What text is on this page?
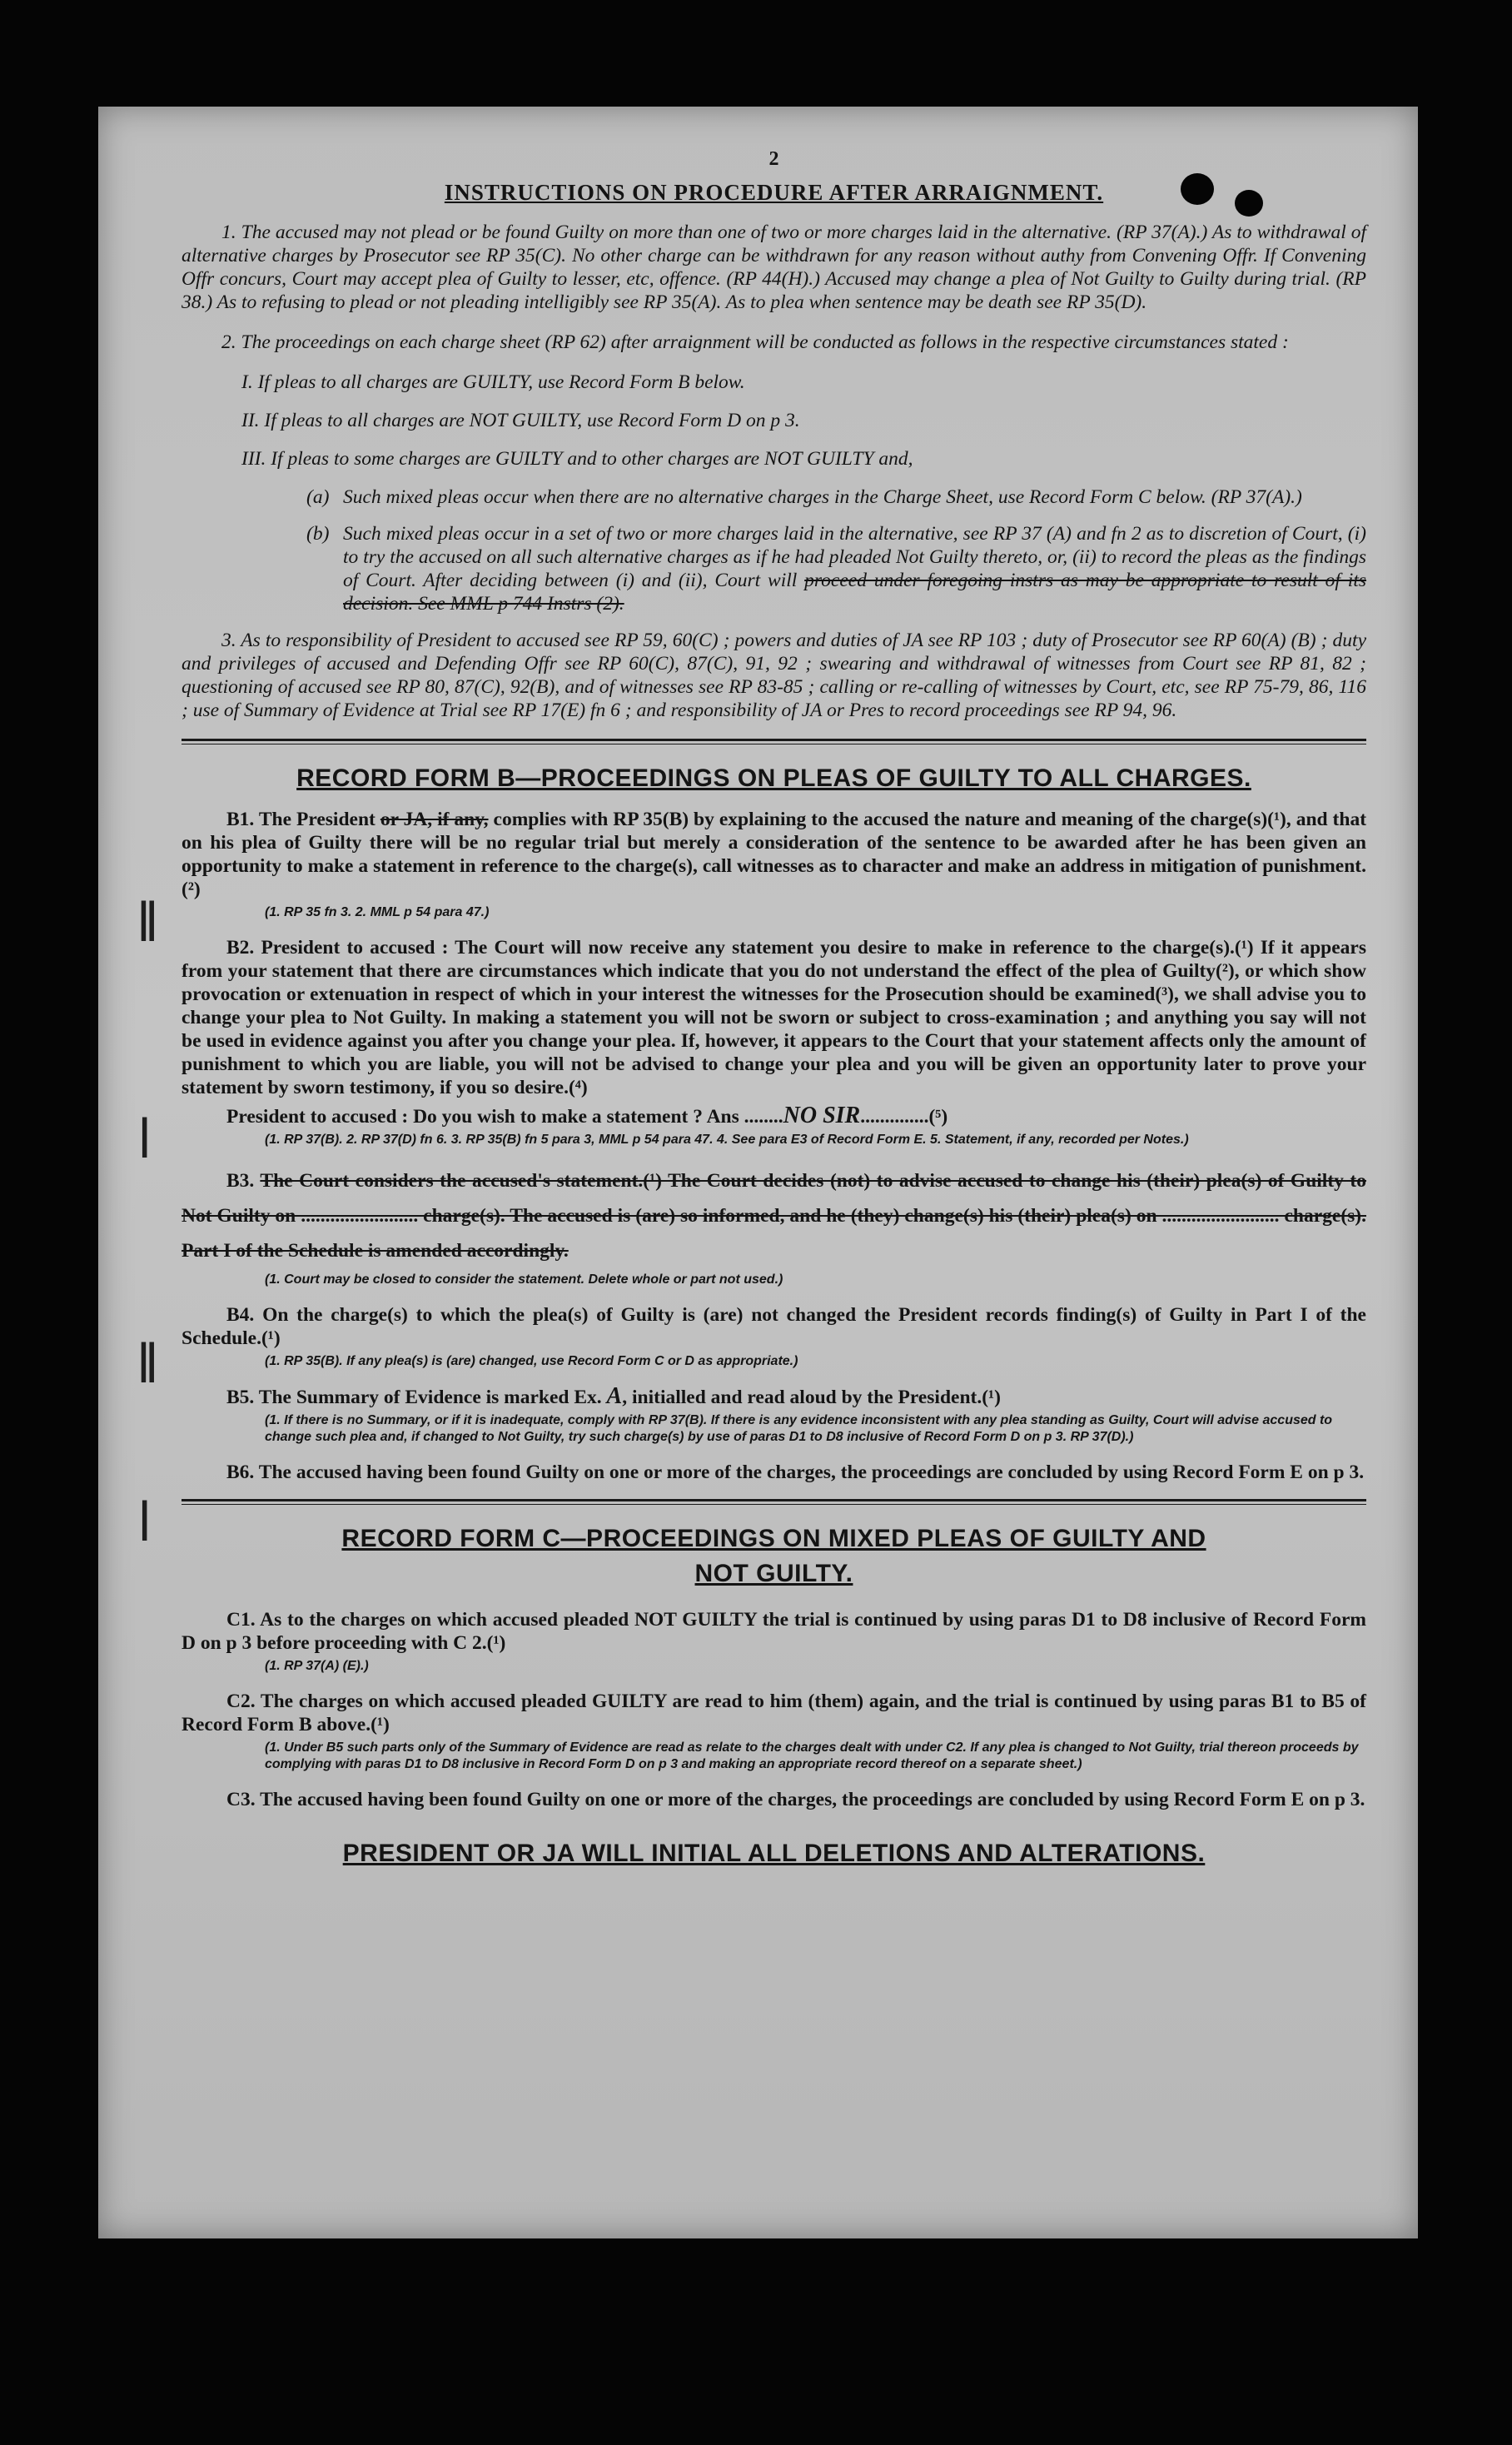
ǁ
ǀ
ǁ
ǀ
2
INSTRUCTIONS ON PROCEDURE AFTER ARRAIGNMENT.

1. The accused may not plead or be found Guilty on more than one of two or more charges laid in the alternative. (RP 37(A).) As to withdrawal of alternative charges by Prosecutor see RP 35(C). No other charge can be withdrawn for any reason without authy from Convening Offr. If Convening Offr concurs, Court may accept plea of Guilty to lesser, etc, offence. (RP 44(H).) Accused may change a plea of Not Guilty to Guilty during trial. (RP 38.) As to refusing to plead or not pleading intelligibly see RP 35(A). As to plea when sentence may be death see RP 35(D).

2. The proceedings on each charge sheet (RP 62) after arraignment will be conducted as follows in the respective circumstances stated :

I. If pleas to all charges are GUILTY, use Record Form B below.

II. If pleas to all charges are NOT GUILTY, use Record Form D on p 3.

III. If pleas to some charges are GUILTY and to other charges are NOT GUILTY and,

(a) Such mixed pleas occur when there are no alternative charges in the Charge Sheet, use Record Form C below. (RP 37(A).)
(b) Such mixed pleas occur in a set of two or more charges laid in the alternative, see RP 37 (A) and fn 2 as to discretion of Court, (i) to try the accused on all such alternative charges as if he had pleaded Not Guilty thereto, or, (ii) to record the pleas as the findings of Court. After deciding between (i) and (ii), Court will proceed under foregoing instrs as may be appropriate to result of its decision. See MML p 744 Instrs (2).

3. As to responsibility of President to accused see RP 59, 60(C) ; powers and duties of JA see RP 103 ; duty of Prosecutor see RP 60(A) (B) ; duty and privileges of accused and Defending Offr see RP 60(C), 87(C), 91, 92 ; swearing and withdrawal of witnesses from Court see RP 81, 82 ; questioning of accused see RP 80, 87(C), 92(B), and of witnesses see RP 83-85 ; calling or re-calling of witnesses by Court, etc, see RP 75-79, 86, 116 ; use of Summary of Evidence at Trial see RP 17(E) fn 6 ; and responsibility of JA or Pres to record proceedings see RP 94, 96.

RECORD FORM B—PROCEEDINGS ON PLEAS OF GUILTY TO ALL CHARGES.

B1. The President or JA, if any, complies with RP 35(B) by explaining to the accused the nature and meaning of the charge(s)(¹), and that on his plea of Guilty there will be no regular trial but merely a consideration of the sentence to be awarded after he has been given an opportunity to make a statement in reference to the charge(s), call witnesses as to character and make an address in mitigation of punishment.(²)

(1. RP 35 fn 3. 2. MML p 54 para 47.)

B2. President to accused : The Court will now receive any statement you desire to make in reference to the charge(s).(¹) If it appears from your statement that there are circumstances which indicate that you do not understand the effect of the plea of Guilty(²), or which show provocation or extenuation in respect of which in your interest the witnesses for the Prosecution should be examined(³), we shall advise you to change your plea to Not Guilty. In making a statement you will not be sworn or subject to cross-examination ; and anything you say will not be used in evidence against you after you change your plea. If, however, it appears to the Court that your statement affects only the amount of punishment to which you are liable, you will not be advised to change your plea and you will be given an opportunity later to prove your statement by sworn testimony, if you so desire.(⁴)

President to accused : Do you wish to make a statement ? Ans ........NO SIR..............(⁵)

(1. RP 37(B). 2. RP 37(D) fn 6. 3. RP 35(B) fn 5 para 3, MML p 54 para 47. 4. See para E3 of Record Form E. 5. Statement, if any, recorded per Notes.)

B3. The Court considers the accused's statement.(¹) The Court decides (not) to advise accused to change his (their) plea(s) of Guilty to Not Guilty on ........................ charge(s). The accused is (are) so informed, and he (they) change(s) his (their) plea(s) on ........................ charge(s). Part I of the Schedule is amended accordingly.

(1. Court may be closed to consider the statement. Delete whole or part not used.)

B4. On the charge(s) to which the plea(s) of Guilty is (are) not changed the President records finding(s) of Guilty in Part I of the Schedule.(¹)

(1. RP 35(B). If any plea(s) is (are) changed, use Record Form C or D as appropriate.)

B5. The Summary of Evidence is marked Ex. A, initialled and read aloud by the President.(¹)

(1. If there is no Summary, or if it is inadequate, comply with RP 37(B). If there is any evidence inconsistent with any plea standing as Guilty, Court will advise accused to change such plea and, if changed to Not Guilty, try such charge(s) by use of paras D1 to D8 inclusive of Record Form D on p 3. RP 37(D).)

B6. The accused having been found Guilty on one or more of the charges, the proceedings are concluded by using Record Form E on p 3.

RECORD FORM C—PROCEEDINGS ON MIXED PLEAS OF GUILTY AND
NOT GUILTY.

C1. As to the charges on which accused pleaded NOT GUILTY the trial is continued by using paras D1 to D8 inclusive of Record Form D on p 3 before proceeding with C 2.(¹)

(1. RP 37(A) (E).)

C2. The charges on which accused pleaded GUILTY are read to him (them) again, and the trial is continued by using paras B1 to B5 of Record Form B above.(¹)

(1. Under B5 such parts only of the Summary of Evidence are read as relate to the charges dealt with under C2. If any plea is changed to Not Guilty, trial thereon proceeds by complying with paras D1 to D8 inclusive in Record Form D on p 3 and making an appropriate record thereof on a separate sheet.)

C3. The accused having been found Guilty on one or more of the charges, the proceedings are concluded by using Record Form E on p 3.

PRESIDENT OR JA WILL INITIAL ALL DELETIONS AND ALTERATIONS.
